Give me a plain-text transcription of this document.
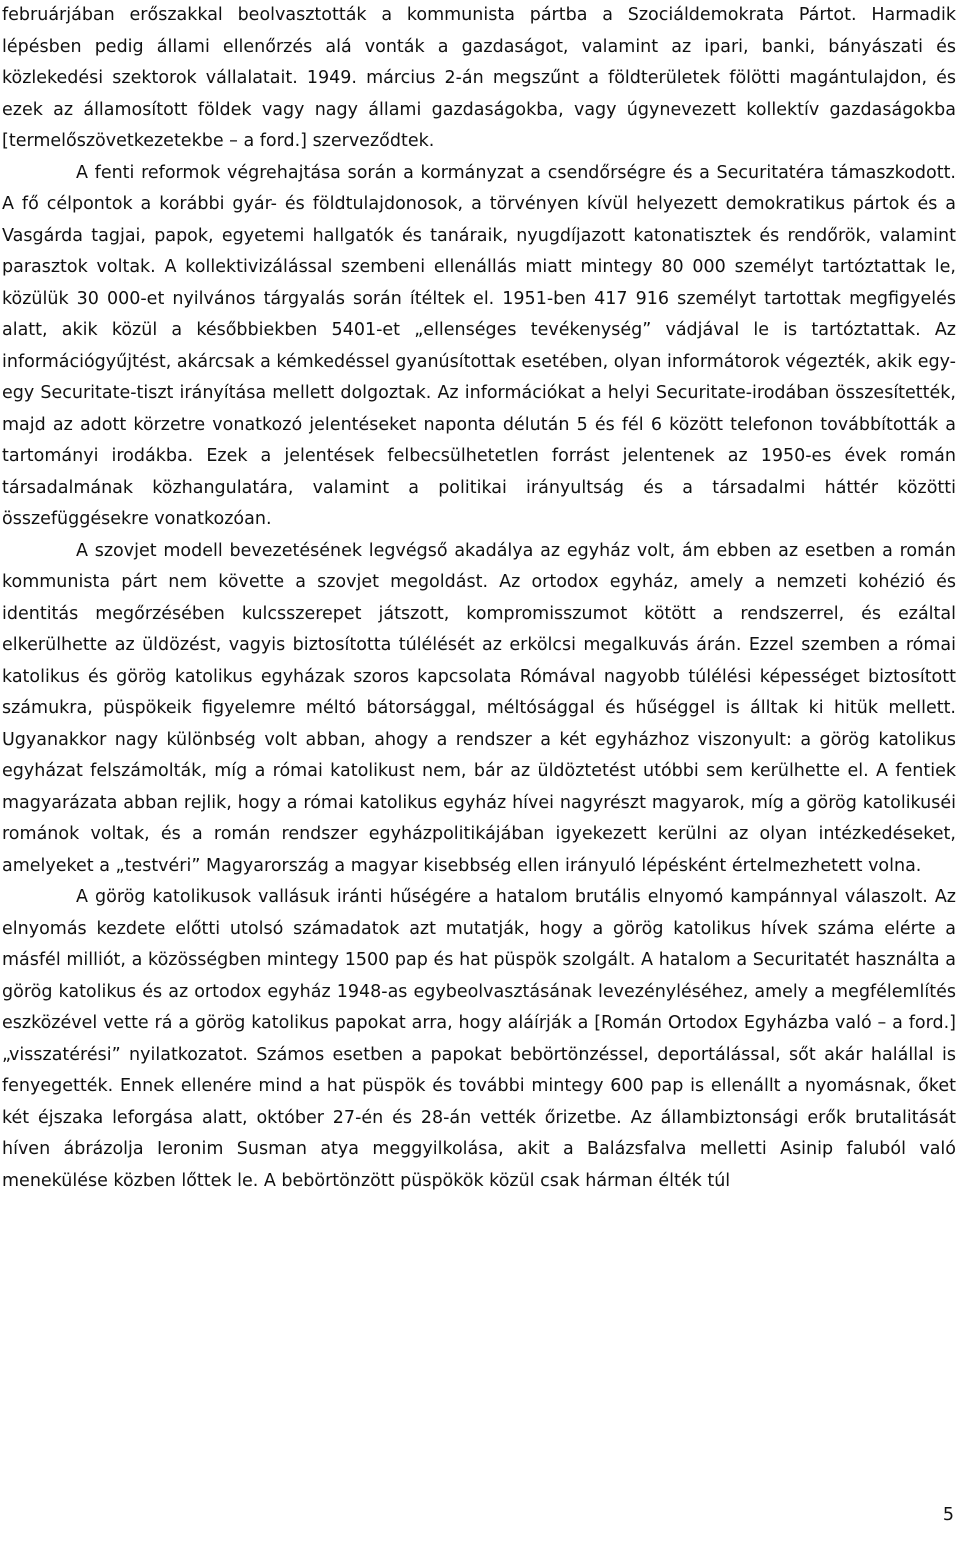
februárjában erőszakkal beolvasztották a kommunista pártba a Szociáldemokrata Pártot. Harmadik lépésben pedig állami ellenőrzés alá vonták a gazdaságot, valamint az ipari, banki, bányászati és közlekedési szektorok vállalatait. 1949. március 2-án megszűnt a földterületek fölötti magántulajdon, és ezek az államosított földek vagy nagy állami gazdaságokba, vagy úgynevezett kollektív gazdaságokba [termelőszövetkezetekbe – a ford.] szerveződtek.

A fenti reformok végrehajtása során a kormányzat a csendőrségre és a Securitatéra támaszkodott. A fő célpontok a korábbi gyár- és földtulajdonosok, a törvényen kívül helyezett demokratikus pártok és a Vasgárda tagjai, papok, egyetemi hallgatók és tanáraik, nyugdíjazott katonatisztek és rendőrök, valamint parasztok voltak. A kollektivizálással szembeni ellenállás miatt mintegy 80 000 személyt tartóztattak le, közülük 30 000-et nyilvános tárgyalás során ítéltek el. 1951-ben 417 916 személyt tartottak megfigyelés alatt, akik közül a későbbiekben 5401-et „ellenséges tevékenység” vádjával le is tartóztattak. Az információgyűjtést, akárcsak a kémkedéssel gyanúsítottak esetében, olyan informátorok végezték, akik egy-egy Securitate-tiszt irányítása mellett dolgoztak. Az információkat a helyi Securitate-irodában összesítették, majd az adott körzetre vonatkozó jelentéseket naponta délután 5 és fél 6 között telefonon továbbították a tartományi irodákba. Ezek a jelentések felbecsülhetetlen forrást jelentenek az 1950-es évek román társadalmának közhangulatára, valamint a politikai irányultság és a társadalmi háttér közötti összefüggésekre vonatkozóan.

A szovjet modell bevezetésének legvégső akadálya az egyház volt, ám ebben az esetben a román kommunista párt nem követte a szovjet megoldást. Az ortodox egyház, amely a nemzeti kohézió és identitás megőrzésében kulcsszerepet játszott, kompromisszumot kötött a rendszerrel, és ezáltal elkerülhette az üldözést, vagyis biztosította túlélését az erkölcsi megalkuvás árán. Ezzel szemben a római katolikus és görög katolikus egyházak szoros kapcsolata Rómával nagyobb túlélési képességet biztosított számukra, püspökeik figyelemre méltó bátorsággal, méltósággal és hűséggel is álltak ki hitük mellett. Ugyanakkor nagy különbség volt abban, ahogy a rendszer a két egyházhoz viszonyult: a görög katolikus egyházat felszámolták, míg a római katolikust nem, bár az üldöztetést utóbbi sem kerülhette el. A fentiek magyarázata abban rejlik, hogy a római katolikus egyház hívei nagyrészt magyarok, míg a görög katolikuséi románok voltak, és a román rendszer egyházpolitikájában igyekezett kerülni az olyan intézkedéseket, amelyeket a „testvéri” Magyarország a magyar kisebbség ellen irányuló lépésként értelmezhetett volna.

A görög katolikusok vallásuk iránti hűségére a hatalom brutális elnyomó kampánnyal válaszolt. Az elnyomás kezdete előtti utolsó számadatok azt mutatják, hogy a görög katolikus hívek száma elérte a másfél milliót, a közösségben mintegy 1500 pap és hat püspök szolgált. A hatalom a Securitatét használta a görög katolikus és az ortodox egyház 1948-as egybeolvasztásának levezényléséhez, amely a megfélemlítés eszközével vette rá a görög katolikus papokat arra, hogy aláírják a [Román Ortodox Egyházba való – a ford.] „visszatérési” nyilatkozatot. Számos esetben a papokat bebörtönzéssel, deportálással, sőt akár halállal is fenyegették. Ennek ellenére mind a hat püspök és további mintegy 600 pap is ellenállt a nyomásnak, őket két éjszaka leforgása alatt, október 27-én és 28-án vették őrizetbe. Az állambiztonsági erők brutalitását híven ábrázolja Ieronim Susman atya meggyilkolása, akit a Balázsfalva melletti Asinip faluból való menekülése közben lőttek le. A bebörtönzött püspökök közül csak hárman élték túl

5
